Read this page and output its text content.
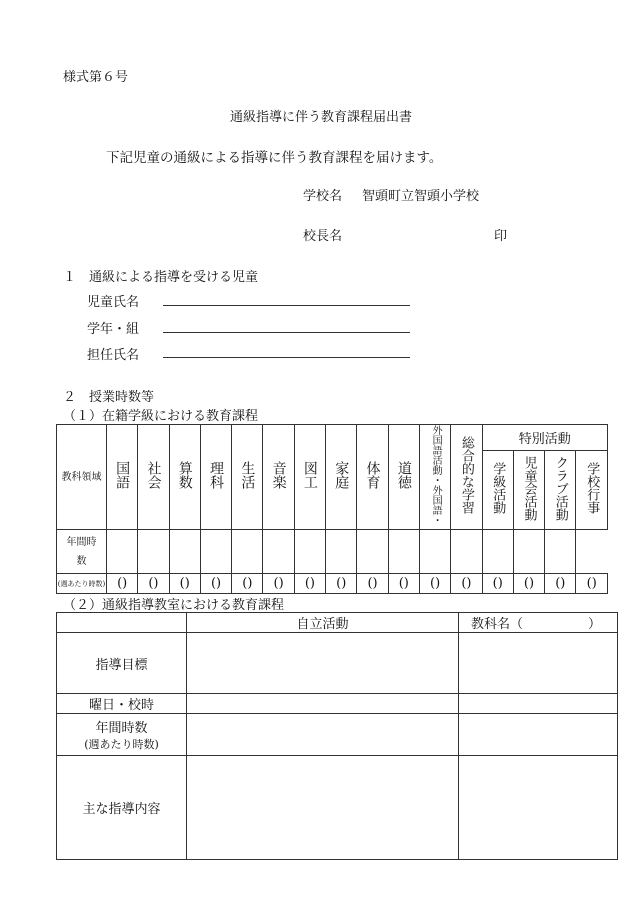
様式第６号
通級指導に伴う教育課程届出書
下記児童の通級による指導に伴う教育課程を届けます。
学校名 智頭町立智頭小学校
校長名	印
１　通級による指導を受ける児童
児童氏名
学年・組
担任氏名
２　授業時数等
（１）在籍学級における教育課程
教科領域	国語	社会	算数	理科	生活	音楽	図工	家庭	体育	道徳	外国語活動・外国語・	総合的な学習	特別活動			
													学級活動	児童会活動	クラブ活動	学校行事
年間時数																
(週あたり時数)	()	()	()	()	()	()	()	()	()	()	()	()	()	()	()	()
（２）通級指導教室における教育課程
	自立活動	教科名（　　　　　）
指導目標		
曜日・校時		

年間時数
(週あたり時数)		

主な指導内容		
